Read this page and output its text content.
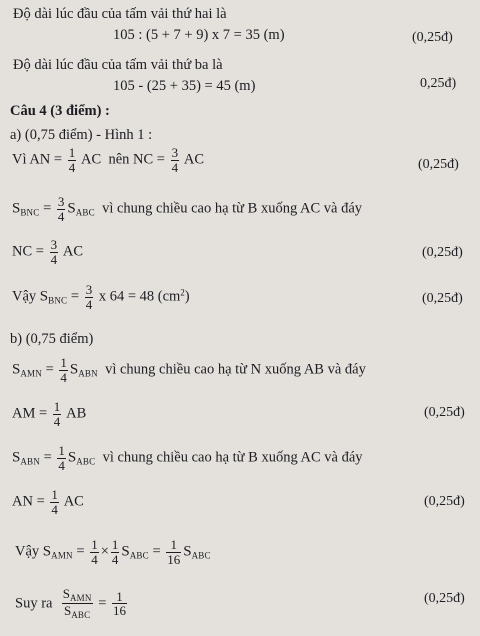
Độ dài lúc đầu của tấm vải thứ hai là
105 : (5 + 7 + 9) x 7 = 35 (m)	(0,25đ)
Độ dài lúc đầu của tấm vải thứ ba là
105 - (25 + 35) = 45 (m)	0,25đ)
Câu 4 (3 điểm) :
a) (0,75 điểm) - Hình 1 :
Vì AN = $\frac{1}{4}$ AC nên NC = $\frac{3}{4}$ AC	(0,25đ)
$S_{BNC} = \frac{3}{4} S_{ABC}$ vì chung chiều cao hạ từ B xuống AC và đáy
NC = $\frac{3}{4}$ AC	(0,25đ)
Vậy $S_{BNC} = \frac{3}{4}$ x 64 = 48 $(cm^2)$	(0,25đ)
b) (0,75 điểm)
$S_{AMN} = \frac{1}{4} S_{ABN}$ vì chung chiều cao hạ từ N xuống AB và đáy
AM = $\frac{1}{4}$ AB	(0,25đ)
$S_{ABN} = \frac{1}{4} S_{ABC}$ vì chung chiều cao hạ từ B xuống AC và đáy
AN = $\frac{1}{4}$ AC	(0,25đ)
Vậy $S_{AMN} = \frac{1}{4} \times \frac{1}{4} S_{ABC} = \frac{1}{16} S_{ABC}$
Suy ra $\frac{S_{AMN}}{S_{ABC}} = \frac{1}{16}$	(0,25đ)
